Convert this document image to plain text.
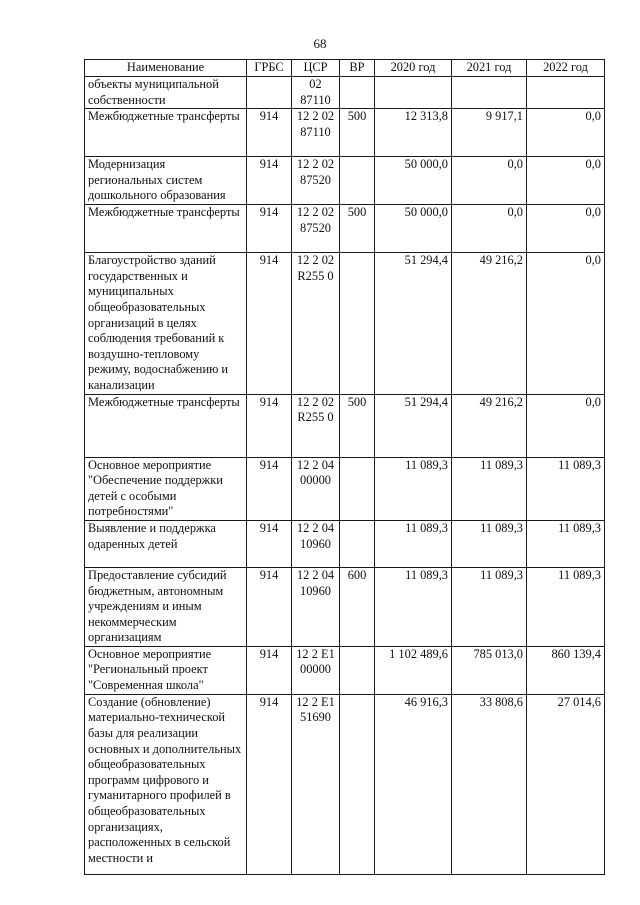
68
Наименование	ГРБС	ЦСР	ВР	2020 год	2021 год	2022 год
объекты муниципальной собственности		02 87110				
Межбюджетные трансферты	914	12 2 02 87110	500	12 313,8	9 917,1	0,0
Модернизация региональных систем дошкольного образования	914	12 2 02 87520		50 000,0	0,0	0,0
Межбюджетные трансферты	914	12 2 02 87520	500	50 000,0	0,0	0,0
Благоустройство зданий государственных и муниципальных общеобразовательных организаций в целях соблюдения требований к воздушно-тепловому режиму, водоснабжению и канализации	914	12 2 02 R255 0		51 294,4	49 216,2	0,0
Межбюджетные трансферты	914	12 2 02 R255 0	500	51 294,4	49 216,2	0,0
Основное мероприятие "Обеспечение поддержки детей с особыми потребностями"	914	12 2 04 00000		11 089,3	11 089,3	11 089,3
Выявление и поддержка одаренных детей	914	12 2 04 10960		11 089,3	11 089,3	11 089,3
Предоставление субсидий бюджетным, автономным учреждениям и иным некоммерческим организациям	914	12 2 04 10960	600	11 089,3	11 089,3	11 089,3
Основное мероприятие "Региональный проект "Современная школа"	914	12 2 E1 00000		1 102 489,6	785 013,0	860 139,4
Создание (обновление) материально-технической базы для реализации основных и дополнительных общеобразовательных программ цифрового и гуманитарного профилей в общеобразовательных организациях, расположенных в сельской местности и	914	12 2 E1 51690		46 916,3	33 808,6	27 014,6
